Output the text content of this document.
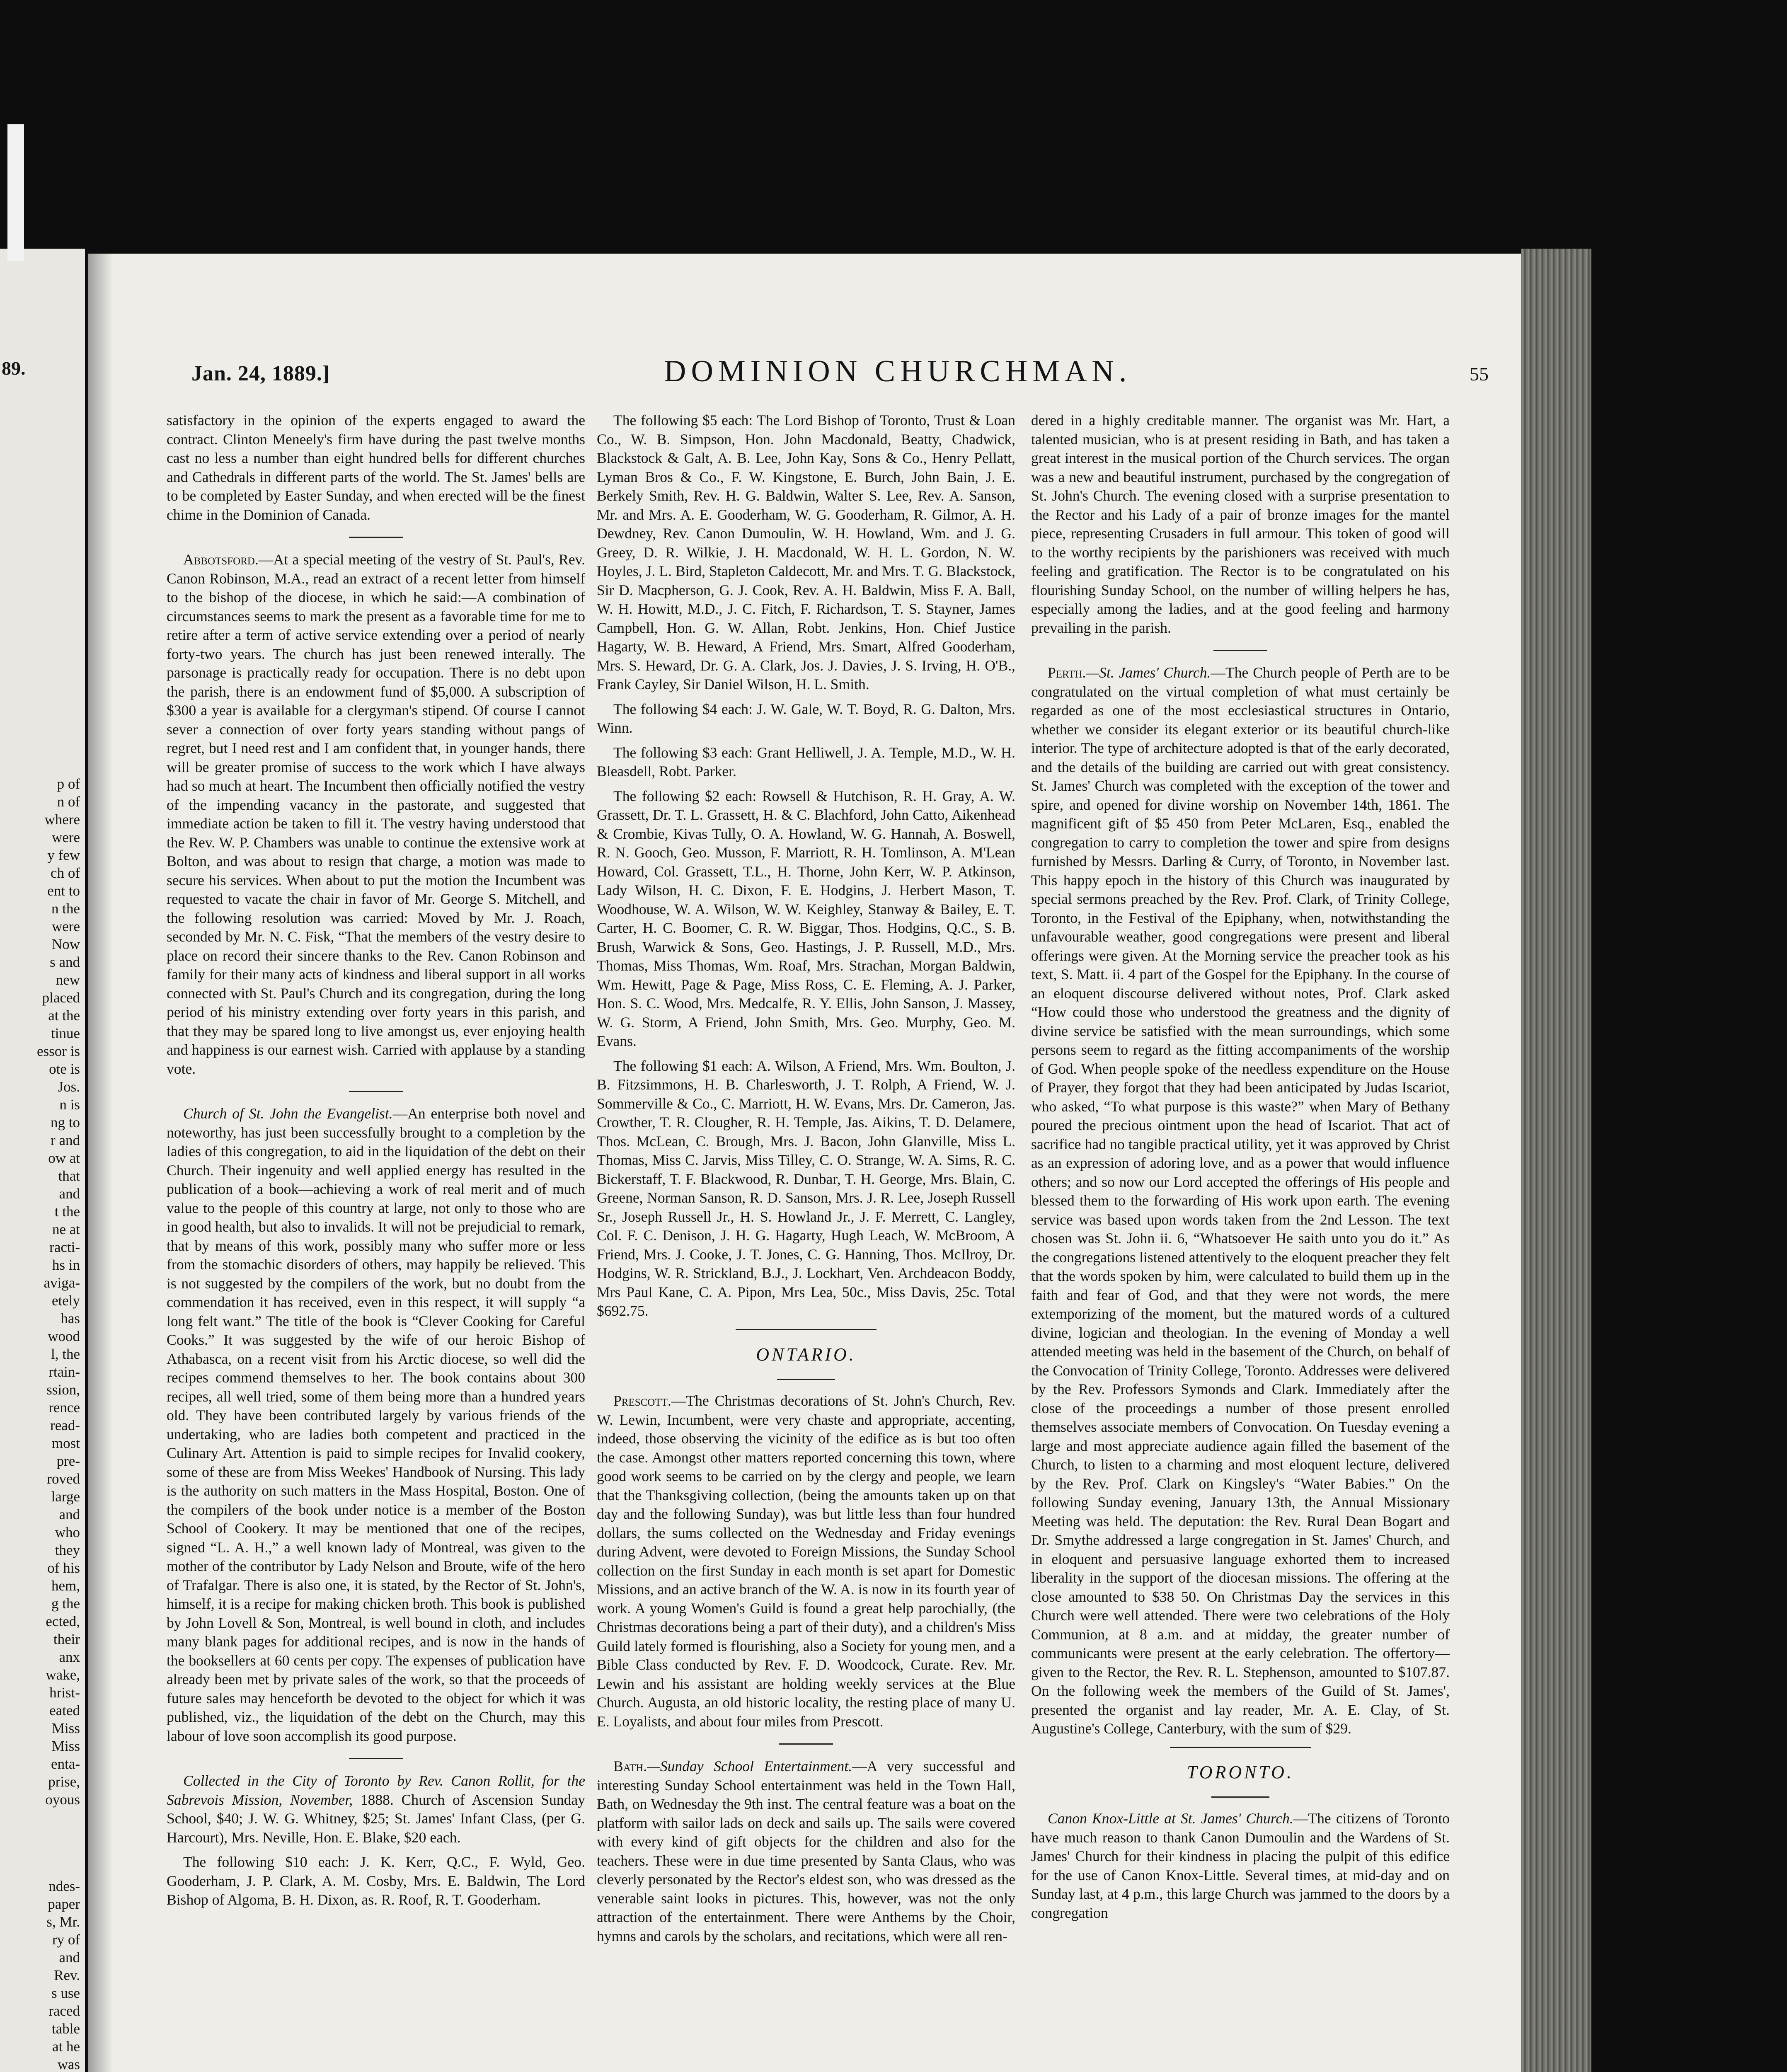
89.
p of
n of
where
were
y few
ch of
ent to
n the
were
Now
s and
new
placed
at the
tinue
essor is
ote is
Jos.
n is
ng to
r and
ow at
that
and
t the
ne at
racti-
hs in
aviga-
etely
has
wood
l, the
rtain-
ssion,
rence
read-
most
pre-
roved
large
and
who
they
of his
hem,
g the
ected,
their
anx
wake,
hrist-
eated
Miss
Miss
enta-
prise,
oyous
ndes-
paper
s, Mr.
ry of
and
Rev.
s use
raced
table
at he
was
Jan. 24, 1889.]	DOMINION CHURCHMAN.	55

satisfactory in the opinion of the experts engaged to award the contract. Clinton Meneely's firm have during the past twelve months cast no less a number than eight hundred bells for different churches and Cathedrals in different parts of the world. The St. James' bells are to be completed by Easter Sunday, and when erected will be the finest chime in the Dominion of Canada.

Abbotsford.—At a special meeting of the vestry of St. Paul's, Rev. Canon Robinson, M.A., read an extract of a recent letter from himself to the bishop of the diocese, in which he said:—A combination of circumstances seems to mark the present as a favorable time for me to retire after a term of active service extending over a period of nearly forty-two years. The church has just been renewed interally. The parsonage is practically ready for occupation. There is no debt upon the parish, there is an endowment fund of $5,000. A subscription of $300 a year is available for a clergyman's stipend. Of course I cannot sever a connection of over forty years standing without pangs of regret, but I need rest and I am confident that, in younger hands, there will be greater promise of success to the work which I have always had so much at heart. The Incumbent then officially notified the vestry of the impending vacancy in the pastorate, and suggested that immediate action be taken to fill it. The vestry having understood that the Rev. W. P. Chambers was unable to continue the extensive work at Bolton, and was about to resign that charge, a motion was made to secure his services. When about to put the motion the Incumbent was requested to vacate the chair in favor of Mr. George S. Mitchell, and the following resolution was carried: Moved by Mr. J. Roach, seconded by Mr. N. C. Fisk, “That the members of the vestry desire to place on record their sincere thanks to the Rev. Canon Robinson and family for their many acts of kindness and liberal support in all works connected with St. Paul's Church and its congregation, during the long period of his ministry extending over forty years in this parish, and that they may be spared long to live amongst us, ever enjoying health and happiness is our earnest wish. Carried with applause by a standing vote.

Church of St. John the Evangelist.—An enterprise both novel and noteworthy, has just been successfully brought to a completion by the ladies of this congregation, to aid in the liquidation of the debt on their Church. Their ingenuity and well applied energy has resulted in the publication of a book—achieving a work of real merit and of much value to the people of this country at large, not only to those who are in good health, but also to invalids. It will not be prejudicial to remark, that by means of this work, possibly many who suffer more or less from the stomachic disorders of others, may happily be relieved. This is not suggested by the compilers of the work, but no doubt from the commendation it has received, even in this respect, it will supply “a long felt want.” The title of the book is “Clever Cooking for Careful Cooks.” It was suggested by the wife of our heroic Bishop of Athabasca, on a recent visit from his Arctic diocese, so well did the recipes commend themselves to her. The book contains about 300 recipes, all well tried, some of them being more than a hundred years old. They have been contributed largely by various friends of the undertaking, who are ladies both competent and practiced in the Culinary Art. Attention is paid to simple recipes for Invalid cookery, some of these are from Miss Weekes' Handbook of Nursing. This lady is the authority on such matters in the Mass Hospital, Boston. One of the compilers of the book under notice is a member of the Boston School of Cookery. It may be mentioned that one of the recipes, signed “L. A. H.,” a well known lady of Montreal, was given to the mother of the contributor by Lady Nelson and Broute, wife of the hero of Trafalgar. There is also one, it is stated, by the Rector of St. John's, himself, it is a recipe for making chicken broth. This book is published by John Lovell & Son, Montreal, is well bound in cloth, and includes many blank pages for additional recipes, and is now in the hands of the booksellers at 60 cents per copy. The expenses of publication have already been met by private sales of the work, so that the proceeds of future sales may henceforth be devoted to the object for which it was published, viz., the liquidation of the debt on the Church, may this labour of love soon accomplish its good purpose.

Collected in the City of Toronto by Rev. Canon Rollit, for the Sabrevois Mission, November, 1888. Church of Ascension Sunday School, $40; J. W. G. Whitney, $25; St. James' Infant Class, (per G. Harcourt), Mrs. Neville, Hon. E. Blake, $20 each.

The following $10 each: J. K. Kerr, Q.C., F. Wyld, Geo. Gooderham, J. P. Clark, A. M. Cosby, Mrs. E. Baldwin, The Lord Bishop of Algoma, B. H. Dixon, as. R. Roof, R. T. Gooderham.

The following $5 each: The Lord Bishop of Toronto, Trust & Loan Co., W. B. Simpson, Hon. John Macdonald, Beatty, Chadwick, Blackstock & Galt, A. B. Lee, John Kay, Sons & Co., Henry Pellatt, Lyman Bros & Co., F. W. Kingstone, E. Burch, John Bain, J. E. Berkely Smith, Rev. H. G. Baldwin, Walter S. Lee, Rev. A. Sanson, Mr. and Mrs. A. E. Gooderham, W. G. Gooderham, R. Gilmor, A. H. Dewdney, Rev. Canon Dumoulin, W. H. Howland, Wm. and J. G. Greey, D. R. Wilkie, J. H. Macdonald, W. H. L. Gordon, N. W. Hoyles, J. L. Bird, Stapleton Caldecott, Mr. and Mrs. T. G. Blackstock, Sir D. Macpherson, G. J. Cook, Rev. A. H. Baldwin, Miss F. A. Ball, W. H. Howitt, M.D., J. C. Fitch, F. Richardson, T. S. Stayner, James Campbell, Hon. G. W. Allan, Robt. Jenkins, Hon. Chief Justice Hagarty, W. B. Heward, A Friend, Mrs. Smart, Alfred Gooderham, Mrs. S. Heward, Dr. G. A. Clark, Jos. J. Davies, J. S. Irving, H. O'B., Frank Cayley, Sir Daniel Wilson, H. L. Smith.

The following $4 each: J. W. Gale, W. T. Boyd, R. G. Dalton, Mrs. Winn.

The following $3 each: Grant Helliwell, J. A. Temple, M.D., W. H. Bleasdell, Robt. Parker.

The following $2 each: Rowsell & Hutchison, R. H. Gray, A. W. Grassett, Dr. T. L. Grassett, H. & C. Blachford, John Catto, Aikenhead & Crombie, Kivas Tully, O. A. Howland, W. G. Hannah, A. Boswell, R. N. Gooch, Geo. Musson, F. Marriott, R. H. Tomlinson, A. M'Lean Howard, Col. Grassett, T.L., H. Thorne, John Kerr, W. P. Atkinson, Lady Wilson, H. C. Dixon, F. E. Hodgins, J. Herbert Mason, T. Woodhouse, W. A. Wilson, W. W. Keighley, Stanway & Bailey, E. T. Carter, H. C. Boomer, C. R. W. Biggar, Thos. Hodgins, Q.C., S. B. Brush, Warwick & Sons, Geo. Hastings, J. P. Russell, M.D., Mrs. Thomas, Miss Thomas, Wm. Roaf, Mrs. Strachan, Morgan Baldwin, Wm. Hewitt, Page & Page, Miss Ross, C. E. Fleming, A. J. Parker, Hon. S. C. Wood, Mrs. Medcalfe, R. Y. Ellis, John Sanson, J. Massey, W. G. Storm, A Friend, John Smith, Mrs. Geo. Murphy, Geo. M. Evans.

The following $1 each: A. Wilson, A Friend, Mrs. Wm. Boulton, J. B. Fitzsimmons, H. B. Charlesworth, J. T. Rolph, A Friend, W. J. Sommerville & Co., C. Marriott, H. W. Evans, Mrs. Dr. Cameron, Jas. Crowther, T. R. Clougher, R. H. Temple, Jas. Aikins, T. D. Delamere, Thos. McLean, C. Brough, Mrs. J. Bacon, John Glanville, Miss L. Thomas, Miss C. Jarvis, Miss Tilley, C. O. Strange, W. A. Sims, R. C. Bickerstaff, T. F. Blackwood, R. Dunbar, T. H. George, Mrs. Blain, C. Greene, Norman Sanson, R. D. Sanson, Mrs. J. R. Lee, Joseph Russell Sr., Joseph Russell Jr., H. S. Howland Jr., J. F. Merrett, C. Langley, Col. F. C. Denison, J. H. G. Hagarty, Hugh Leach, W. McBroom, A Friend, Mrs. J. Cooke, J. T. Jones, C. G. Hanning, Thos. McIlroy, Dr. Hodgins, W. R. Strickland, B.J., J. Lockhart, Ven. Archdeacon Boddy, Mrs Paul Kane, C. A. Pipon, Mrs Lea, 50c., Miss Davis, 25c. Total $692.75.

ONTARIO.

Prescott.—The Christmas decorations of St. John's Church, Rev. W. Lewin, Incumbent, were very chaste and appropriate, accenting, indeed, those observing the vicinity of the edifice as is but too often the case. Amongst other matters reported concerning this town, where good work seems to be carried on by the clergy and people, we learn that the Thanksgiving collection, (being the amounts taken up on that day and the following Sunday), was but little less than four hundred dollars, the sums collected on the Wednesday and Friday evenings during Advent, were devoted to Foreign Missions, the Sunday School collection on the first Sunday in each month is set apart for Domestic Missions, and an active branch of the W. A. is now in its fourth year of work. A young Women's Guild is found a great help parochially, (the Christmas decorations being a part of their duty), and a children's Miss Guild lately formed is flourishing, also a Society for young men, and a Bible Class conducted by Rev. F. D. Woodcock, Curate. Rev. Mr. Lewin and his assistant are holding weekly services at the Blue Church. Augusta, an old historic locality, the resting place of many U. E. Loyalists, and about four miles from Prescott.

Bath.—Sunday School Entertainment.—A very successful and interesting Sunday School entertainment was held in the Town Hall, Bath, on Wednesday the 9th inst. The central feature was a boat on the platform with sailor lads on deck and sails up. The sails were covered with every kind of gift objects for the children and also for the teachers. These were in due time presented by Santa Claus, who was cleverly personated by the Rector's eldest son, who was dressed as the venerable saint looks in pictures. This, however, was not the only attraction of the entertainment. There were Anthems by the Choir, hymns and carols by the scholars, and recitations, which were all ren-

dered in a highly creditable manner. The organist was Mr. Hart, a talented musician, who is at present residing in Bath, and has taken a great interest in the musical portion of the Church services. The organ was a new and beautiful instrument, purchased by the congregation of St. John's Church. The evening closed with a surprise presentation to the Rector and his Lady of a pair of bronze images for the mantel piece, representing Crusaders in full armour. This token of good will to the worthy recipients by the parishioners was received with much feeling and gratification. The Rector is to be congratulated on his flourishing Sunday School, on the number of willing helpers he has, especially among the ladies, and at the good feeling and harmony prevailing in the parish.

Perth.—St. James' Church.—The Church people of Perth are to be congratulated on the virtual completion of what must certainly be regarded as one of the most ecclesiastical structures in Ontario, whether we consider its elegant exterior or its beautiful church-like interior. The type of architecture adopted is that of the early decorated, and the details of the building are carried out with great consistency. St. James' Church was completed with the exception of the tower and spire, and opened for divine worship on November 14th, 1861. The magnificent gift of $5 450 from Peter McLaren, Esq., enabled the congregation to carry to completion the tower and spire from designs furnished by Messrs. Darling & Curry, of Toronto, in November last. This happy epoch in the history of this Church was inaugurated by special sermons preached by the Rev. Prof. Clark, of Trinity College, Toronto, in the Festival of the Epiphany, when, notwithstanding the unfavourable weather, good congregations were present and liberal offerings were given. At the Morning service the preacher took as his text, S. Matt. ii. 4 part of the Gospel for the Epiphany. In the course of an eloquent discourse delivered without notes, Prof. Clark asked “How could those who understood the greatness and the dignity of divine service be satisfied with the mean surroundings, which some persons seem to regard as the fitting accompaniments of the worship of God. When people spoke of the needless expenditure on the House of Prayer, they forgot that they had been anticipated by Judas Iscariot, who asked, “To what purpose is this waste?” when Mary of Bethany poured the precious ointment upon the head of Iscariot. That act of sacrifice had no tangible practical utility, yet it was approved by Christ as an expression of adoring love, and as a power that would influence others; and so now our Lord accepted the offerings of His people and blessed them to the forwarding of His work upon earth. The evening service was based upon words taken from the 2nd Lesson. The text chosen was St. John ii. 6, “Whatsoever He saith unto you do it.” As the congregations listened attentively to the eloquent preacher they felt that the words spoken by him, were calculated to build them up in the faith and fear of God, and that they were not words, the mere extemporizing of the moment, but the matured words of a cultured divine, logician and theologian. In the evening of Monday a well attended meeting was held in the basement of the Church, on behalf of the Convocation of Trinity College, Toronto. Addresses were delivered by the Rev. Professors Symonds and Clark. Immediately after the close of the proceedings a number of those present enrolled themselves associate members of Convocation. On Tuesday evening a large and most appreciate audience again filled the basement of the Church, to listen to a charming and most eloquent lecture, delivered by the Rev. Prof. Clark on Kingsley's “Water Babies.” On the following Sunday evening, January 13th, the Annual Missionary Meeting was held. The deputation: the Rev. Rural Dean Bogart and Dr. Smythe addressed a large congregation in St. James' Church, and in eloquent and persuasive language exhorted them to increased liberality in the support of the diocesan missions. The offering at the close amounted to $38 50. On Christmas Day the services in this Church were well attended. There were two celebrations of the Holy Communion, at 8 a.m. and at midday, the greater number of communicants were present at the early celebration. The offertory—given to the Rector, the Rev. R. L. Stephenson, amounted to $107.87. On the following week the members of the Guild of St. James', presented the organist and lay reader, Mr. A. E. Clay, of St. Augustine's College, Canterbury, with the sum of $29.

TORONTO.

Canon Knox-Little at St. James' Church.—The citizens of Toronto have much reason to thank Canon Dumoulin and the Wardens of St. James' Church for their kindness in placing the pulpit of this edifice for the use of Canon Knox-Little. Several times, at mid-day and on Sunday last, at 4 p.m., this large Church was jammed to the doors by a congregation
